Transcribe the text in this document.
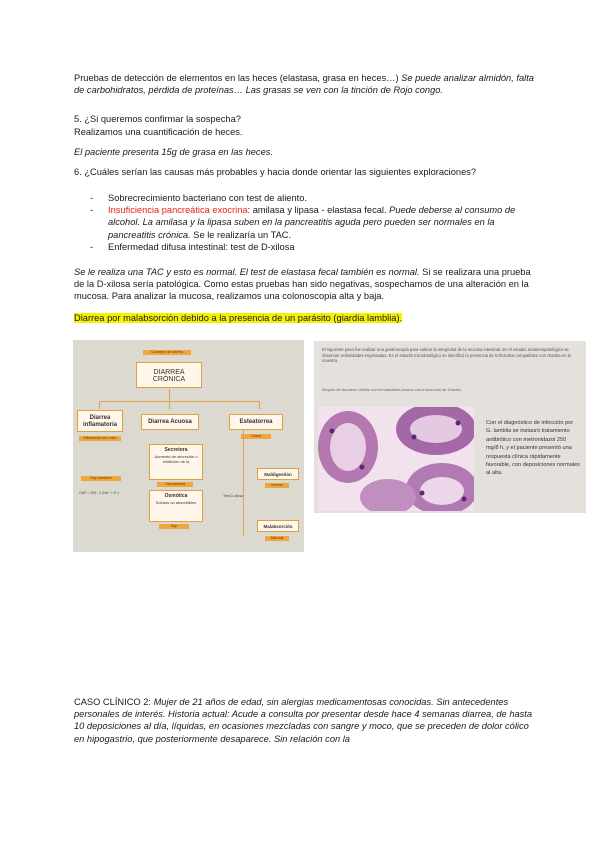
Pruebas de detección de elementos en las heces (elastasa, grasa en heces…) Se puede analizar almidón, falta de carbohidratos, pérdida de proteínas… Las grasas se ven con la tinción de Rojo congo.
5. ¿Si queremos confirmar la sospecha?
Realizamos una cuantificación de heces.
El paciente presenta 15g de grasa en las heces.
6. ¿Cuáles serían las causas más probables y hacia donde orientar las siguientes exploraciones?
- Sobrecrecimiento bacteriano con test de aliento.
- Insuficiencia pancreática exocrina: amilasa y lipasa - elastasa fecal. Puede deberse al consumo de alcohol. La amilasa y la lipasa suben en la pancreatitis aguda pero pueden ser normales en la pancreatitis crónica. Se le realizaría un TAC.
- Enfermedad difusa intestinal: test de D-xilosa
Se le realiza una TAC y esto es normal. El test de elastasa fecal también es normal. Si se realizara una prueba de la D-xilosa sería patológica. Como estas pruebas han sido negativas, sospechamos de una alteración en la mucosa. Para analizar la mucosa, realizamos una colonoscopia alta y baja.
Diarrea por malabsorción debido a la presencia de un parásito (giardia lamblia).
Concepto de diarrea
DIARREA CRÓNICA
Diarrea inflamatoria
Inflamación del colon
Diarrea Acuosa	Esteatorrea
Grasa
Secretora
Aumento de secreción o inhibición de la
Osmolaridad
Gap osmótico
GAP = 290 - 2 (Na⁺ + K⁺)	Osmótica
Solutos no absorbibles
Gap
Test D-xilosa
Maldigestión
Normal
Malabsorción
Alterada
El siguiente paso fue realizar una gastroscopia para valorar la integridad de la mucosa intestinal. En el estudio anatomopatológico se observan vellosidades engrosadas. En el estudio microbiológico se identificó la presencia de trofozoítos compatibles con Giardia en la muestra.
Biopsia de duodeno teñida con hematoxilina-eosina con trofozoítos de Giardia.
Con el diagnóstico de infección por G. lamblia se instauró tratamiento antibiótico con metronidazol 250 mg/8 h, y el paciente presentó una respuesta clínica rápidamente favorable, con deposiciones normales al alta.
CASO CLÍNICO 2: Mujer de 21 años de edad, sin alergias medicamentosas conocidas. Sin antecedentes personales de interés. Historia actual: Acude a consulta por presentar desde hace 4 semanas diarrea, de hasta 10 deposiciones al día, líquidas, en ocasiones mezcladas con sangre y moco, que se preceden de dolor cólico en hipogastrio, que posteriormente desaparece. Sin relación con la
